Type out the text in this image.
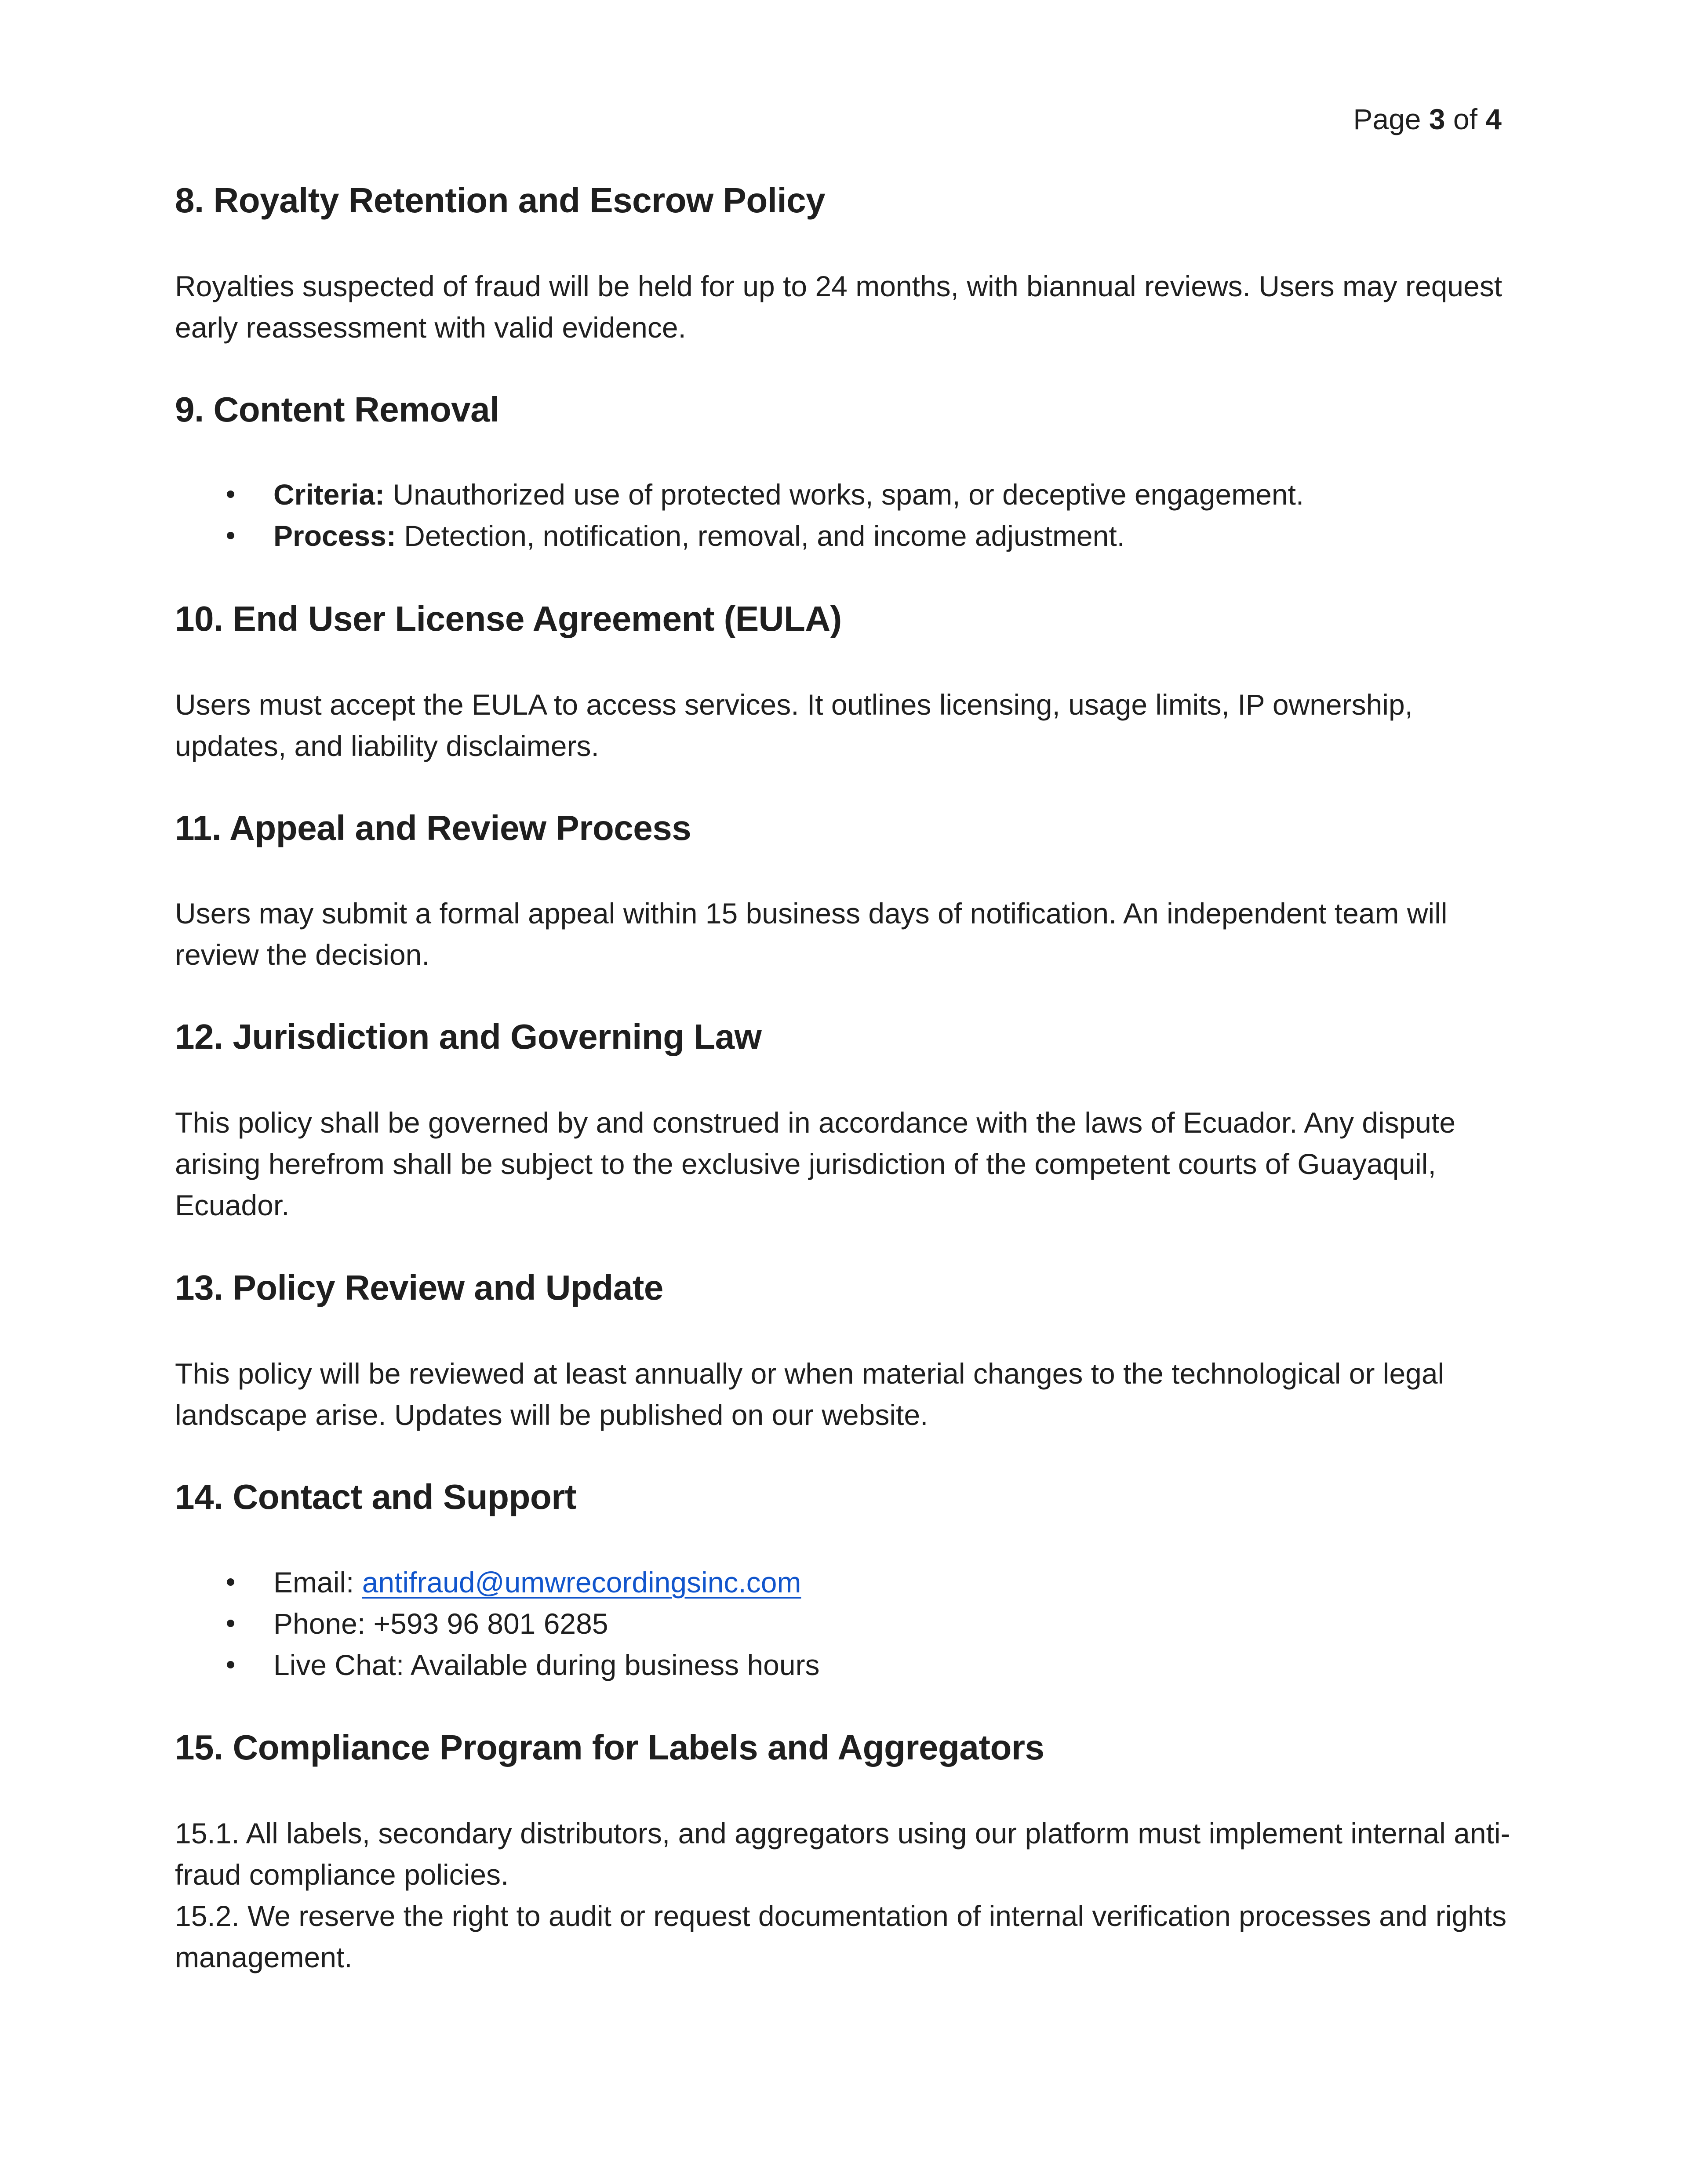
Page 3 of 4
8. Royalty Retention and Escrow Policy

Royalties suspected of fraud will be held for up to 24 months, with biannual reviews. Users may request early reassessment with valid evidence.

9. Content Removal
Criteria: Unauthorized use of protected works, spam, or deceptive engagement.
Process: Detection, notification, removal, and income adjustment.
10. End User License Agreement (EULA)

Users must accept the EULA to access services. It outlines licensing, usage limits, IP ownership, updates, and liability disclaimers.

11. Appeal and Review Process

Users may submit a formal appeal within 15 business days of notification. An independent team will review the decision.

12. Jurisdiction and Governing Law

This policy shall be governed by and construed in accordance with the laws of Ecuador. Any dispute arising herefrom shall be subject to the exclusive jurisdiction of the competent courts of Guayaquil, Ecuador.

13. Policy Review and Update

This policy will be reviewed at least annually or when material changes to the technological or legal landscape arise. Updates will be published on our website.

14. Contact and Support
Email: antifraud@umwrecordingsinc.com
Phone: +593 96 801 6285
Live Chat: Available during business hours
15. Compliance Program for Labels and Aggregators

15.1. All labels, secondary distributors, and aggregators using our platform must implement internal anti-fraud compliance policies.

15.2. We reserve the right to audit or request documentation of internal verification processes and rights management.
